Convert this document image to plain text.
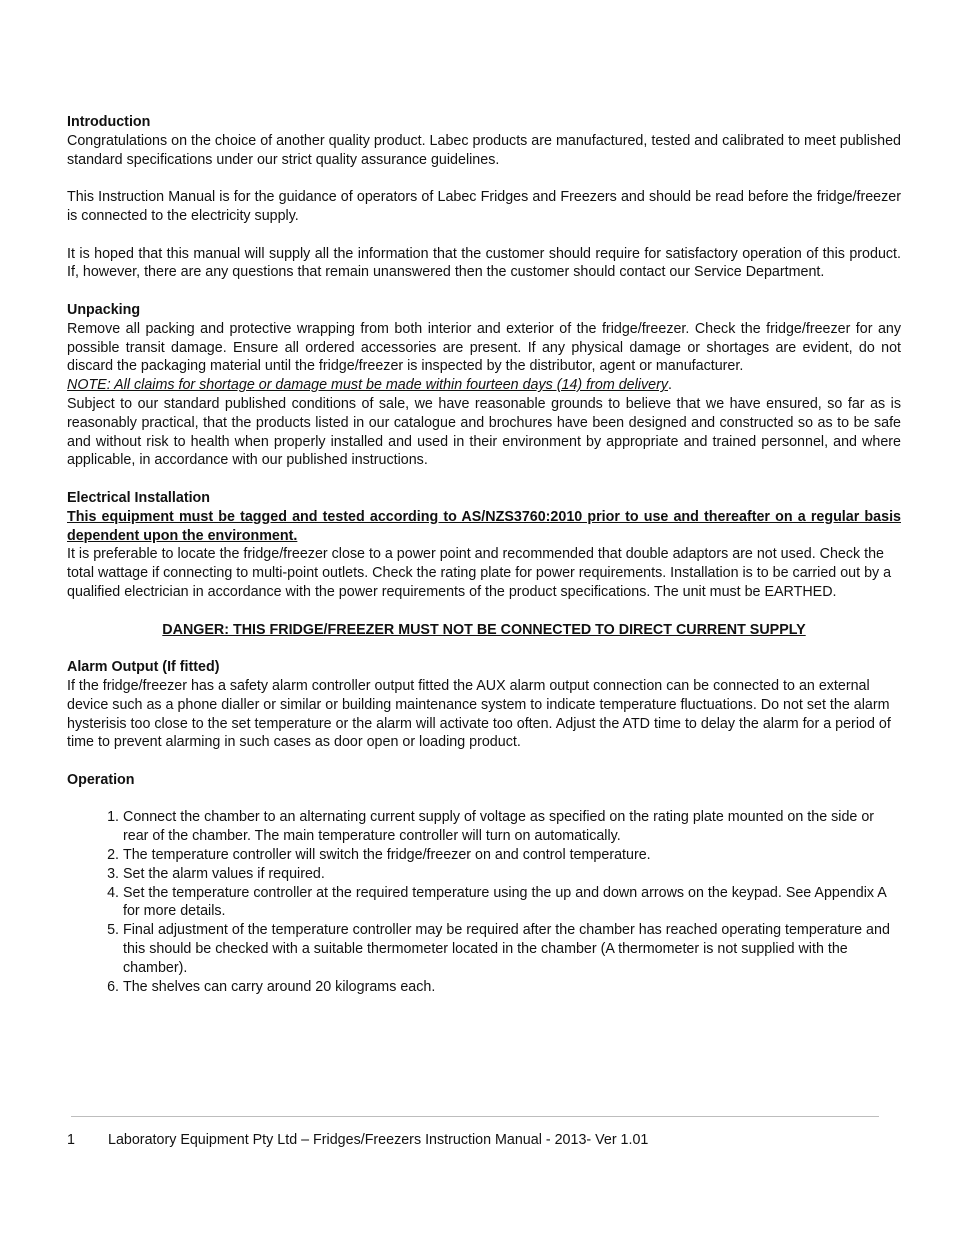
Introduction

Congratulations on the choice of another quality product. Labec products are manufactured, tested and calibrated to meet published standard specifications under our strict quality assurance guidelines.

This Instruction Manual is for the guidance of operators of Labec Fridges and Freezers and should be read before the fridge/freezer is connected to the electricity supply.

It is hoped that this manual will supply all the information that the customer should require for satisfactory operation of this product. If, however, there are any questions that remain unanswered then the customer should contact our Service Department.

Unpacking

Remove all packing and protective wrapping from both interior and exterior of the fridge/freezer. Check the fridge/freezer for any possible transit damage. Ensure all ordered accessories are present. If any physical damage or shortages are evident, do not discard the packaging material until the fridge/freezer is inspected by the distributor, agent or manufacturer.

NOTE: All claims for shortage or damage must be made within fourteen days (14) from delivery.

Subject to our standard published conditions of sale, we have reasonable grounds to believe that we have ensured, so far as is reasonably practical, that the products listed in our catalogue and brochures have been designed and constructed so as to be safe and without risk to health when properly installed and used in their environment by appropriate and trained personnel, and where applicable, in accordance with our published instructions.

Electrical Installation

This equipment must be tagged and tested according to AS/NZS3760:2010 prior to use and thereafter on a regular basis dependent upon the environment.

It is preferable to locate the fridge/freezer close to a power point and recommended that double adaptors are not used. Check the total wattage if connecting to multi-point outlets. Check the rating plate for power requirements. Installation is to be carried out by a qualified electrician in accordance with the power requirements of the product specifications. The unit must be EARTHED.

DANGER: THIS FRIDGE/FREEZER MUST NOT BE CONNECTED TO DIRECT CURRENT SUPPLY

Alarm Output (If fitted)

If the fridge/freezer has a safety alarm controller output fitted the AUX alarm output connection can be connected to an external device such as a phone dialler or similar or building maintenance system to indicate temperature fluctuations. Do not set the alarm hysterisis too close to the set temperature or the alarm will activate too often. Adjust the ATD time to delay the alarm for a period of time to prevent alarming in such cases as door open or loading product.

Operation
1. Connect the chamber to an alternating current supply of voltage as specified on the rating plate mounted on the side or rear of the chamber. The main temperature controller will turn on automatically.
2. The temperature controller will switch the fridge/freezer on and control temperature.
3. Set the alarm values if required.
4. Set the temperature controller at the required temperature using the up and down arrows on the keypad. See Appendix A for more details.
5. Final adjustment of the temperature controller may be required after the chamber has reached operating temperature and this should be checked with a suitable thermometer located in the chamber (A thermometer is not supplied with the chamber).
6. The shelves can carry around 20 kilograms each.
1 Laboratory Equipment Pty Ltd – Fridges/Freezers Instruction Manual - 2013- Ver 1.01
